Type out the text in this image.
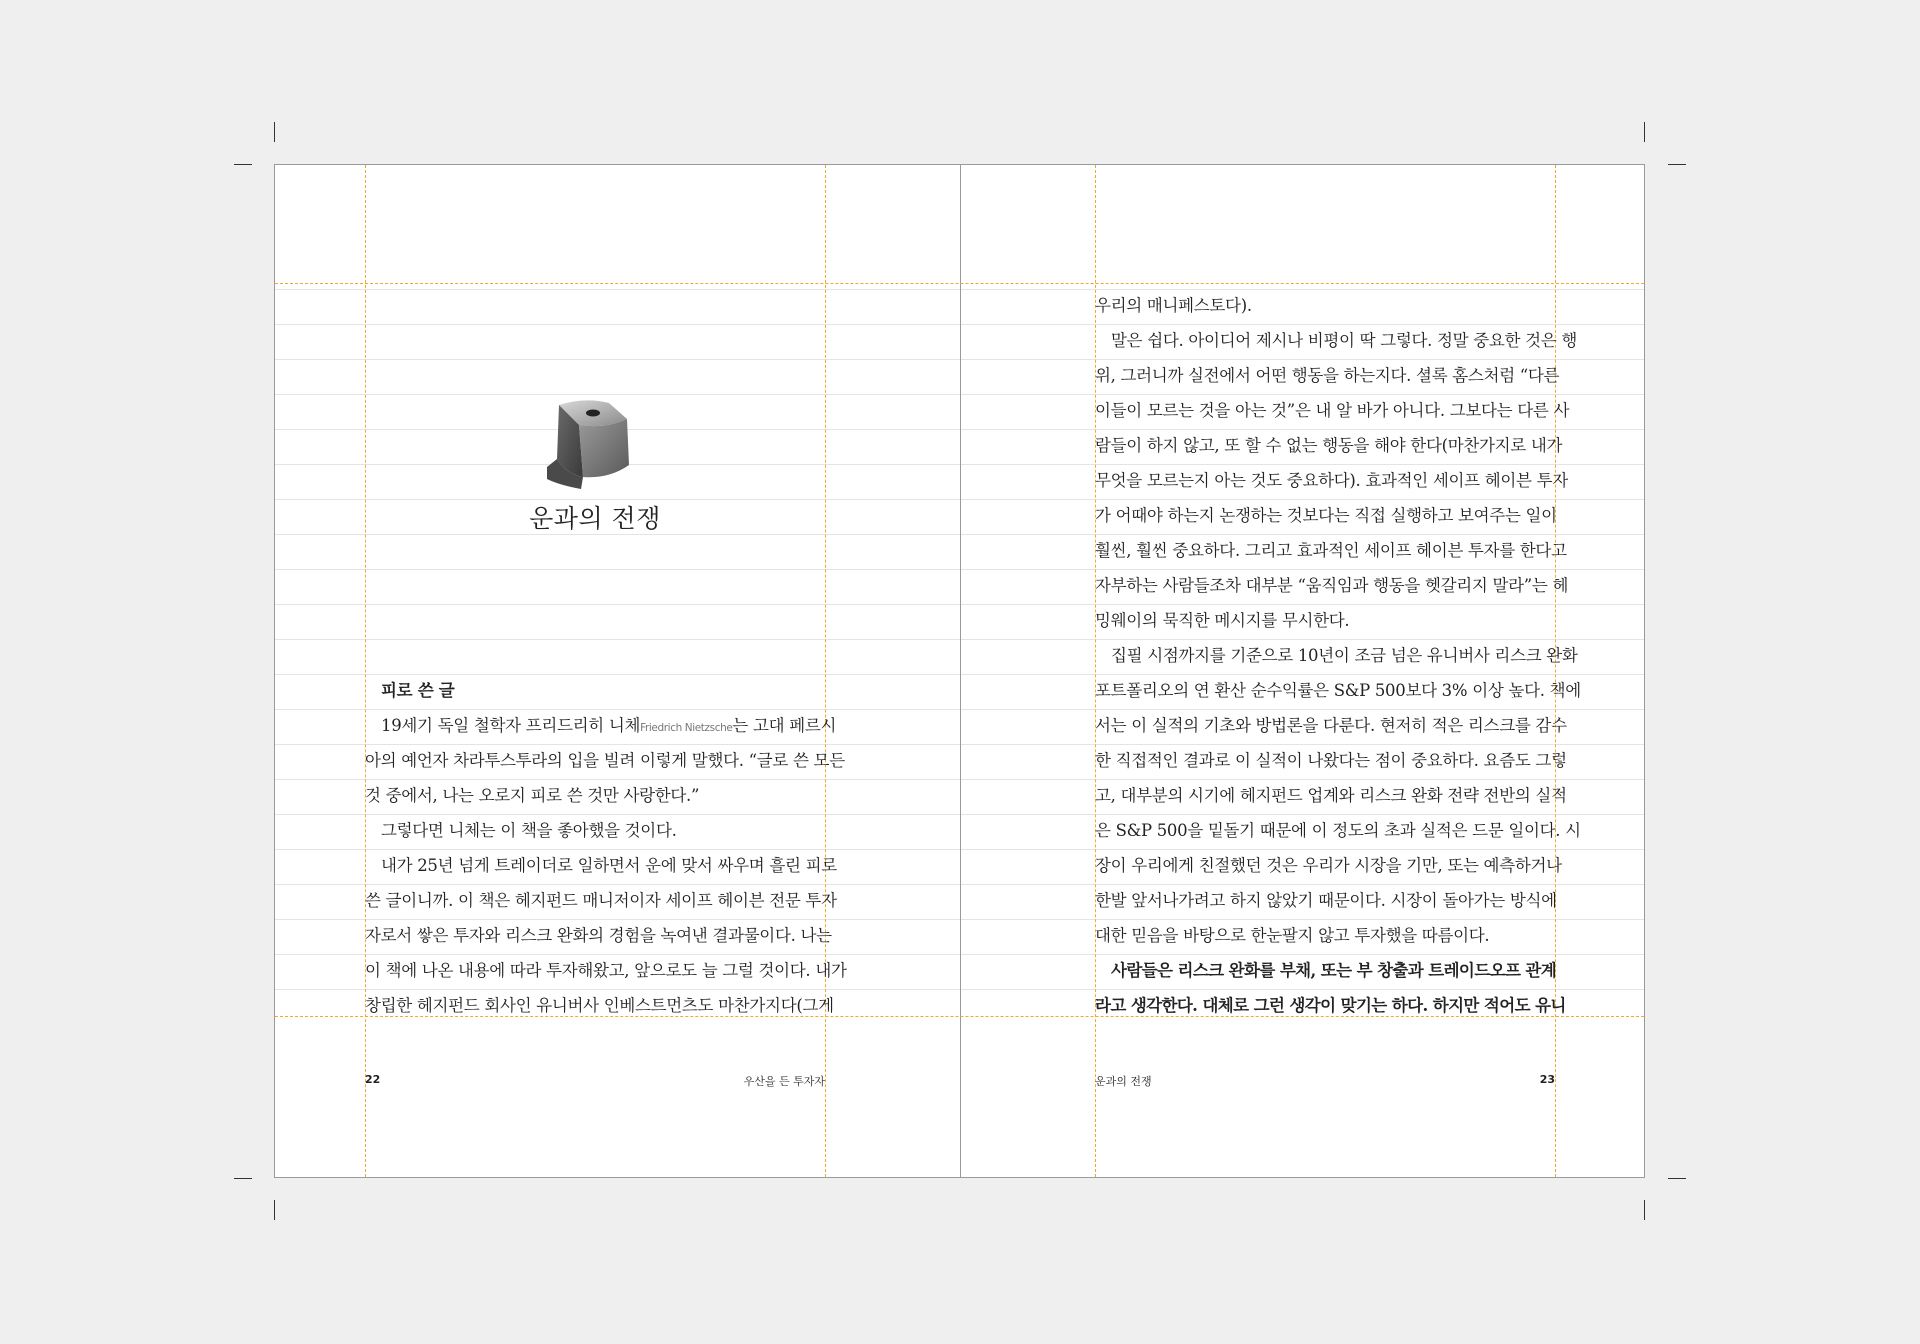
운과의 전쟁
피로 쓴 글
19세기 독일 철학자 프리드리히 니체Friedrich Nietzsche는 고대 페르시
아의 예언자 차라투스투라의 입을 빌려 이렇게 말했다. “글로 쓴 모든
것 중에서, 나는 오로지 피로 쓴 것만 사랑한다.”
그렇다면 니체는 이 책을 좋아했을 것이다.
내가 25년 넘게 트레이더로 일하면서 운에 맞서 싸우며 흘린 피로
쓴 글이니까. 이 책은 헤지펀드 매니저이자 세이프 헤이븐 전문 투자
자로서 쌓은 투자와 리스크 완화의 경험을 녹여낸 결과물이다. 나는
이 책에 나온 내용에 따라 투자해왔고, 앞으로도 늘 그럴 것이다. 내가
창립한 헤지펀드 회사인 유니버사 인베스트먼츠도 마찬가지다(그게
22	우산을 든 투자자
우리의 매니페스토다).
말은 쉽다. 아이디어 제시나 비평이 딱 그렇다. 정말 중요한 것은 행
위, 그러니까 실전에서 어떤 행동을 하는지다. 셜록 홈스처럼 “다른
이들이 모르는 것을 아는 것”은 내 알 바가 아니다. 그보다는 다른 사
람들이 하지 않고, 또 할 수 없는 행동을 해야 한다(마찬가지로 내가
무엇을 모르는지 아는 것도 중요하다). 효과적인 세이프 헤이븐 투자
가 어때야 하는지 논쟁하는 것보다는 직접 실행하고 보여주는 일이
훨씬, 훨씬 중요하다. 그리고 효과적인 세이프 헤이븐 투자를 한다고
자부하는 사람들조차 대부분 “움직임과 행동을 헷갈리지 말라”는 헤
밍웨이의 묵직한 메시지를 무시한다.
집필 시점까지를 기준으로 10년이 조금 넘은 유니버사 리스크 완화
포트폴리오의 연 환산 순수익률은 S&P 500보다 3% 이상 높다. 책에
서는 이 실적의 기초와 방법론을 다룬다. 현저히 적은 리스크를 감수
한 직접적인 결과로 이 실적이 나왔다는 점이 중요하다. 요즘도 그렇
고, 대부분의 시기에 헤지펀드 업계와 리스크 완화 전략 전반의 실적
은 S&P 500을 밑돌기 때문에 이 정도의 초과 실적은 드문 일이다. 시
장이 우리에게 친절했던 것은 우리가 시장을 기만, 또는 예측하거나
한발 앞서나가려고 하지 않았기 때문이다. 시장이 돌아가는 방식에
대한 믿음을 바탕으로 한눈팔지 않고 투자했을 따름이다.
사람들은 리스크 완화를 부채, 또는 부 창출과 트레이드오프 관계
라고 생각한다. 대체로 그런 생각이 맞기는 하다. 하지만 적어도 유니
운과의 전쟁	23
